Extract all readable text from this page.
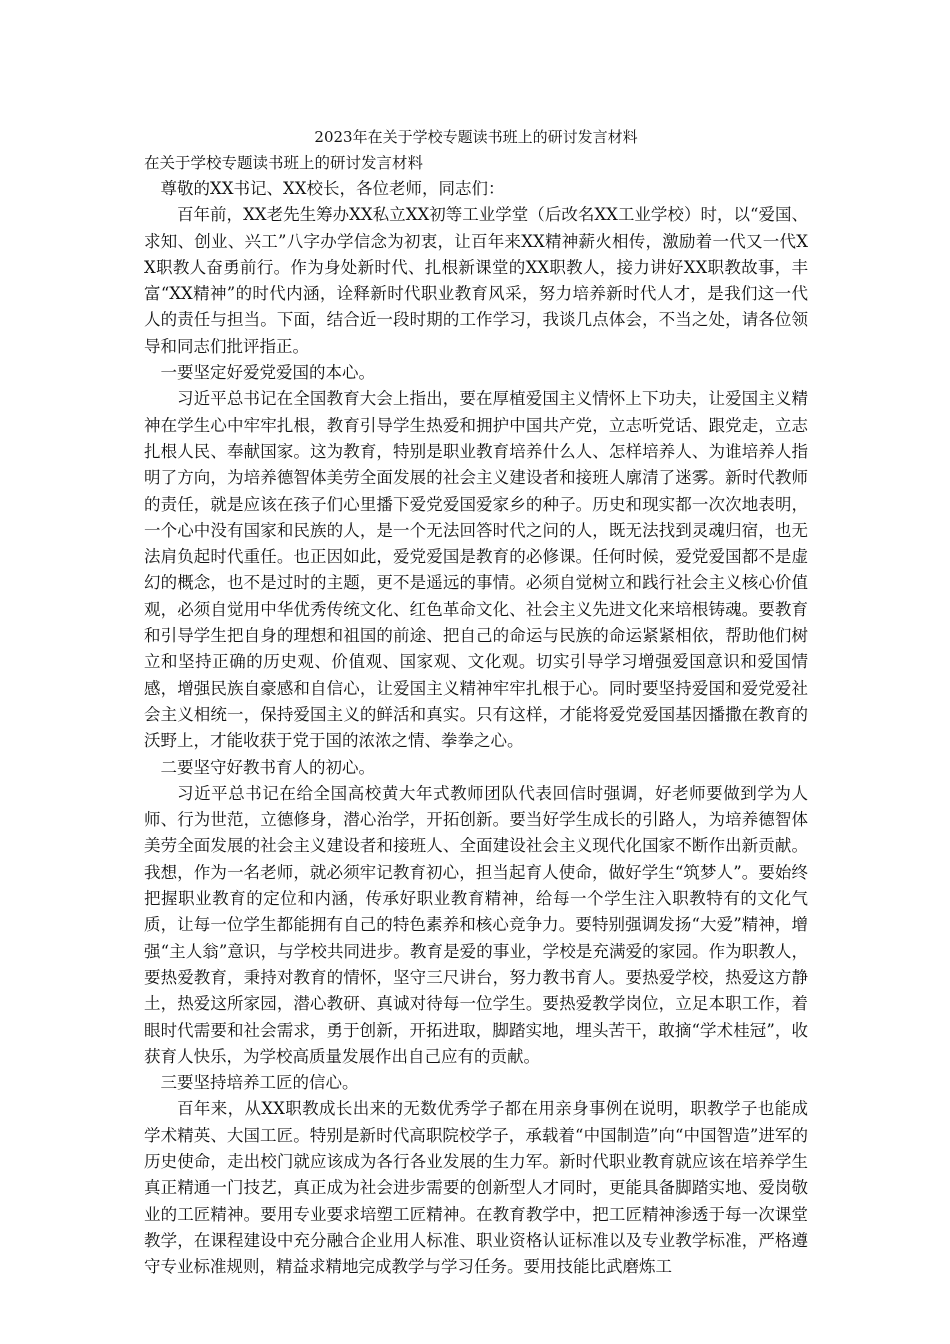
2023年在关于学校专题读书班上的研讨发言材料

在关于学校专题读书班上的研讨发言材料

尊敬的XX书记、XX校长，各位老师，同志们：

百年前，XX老先生筹办XX私立XX初等工业学堂（后改名XX工业学校）时，以“爱国、求知、创业、兴工”八字办学信念为初衷，让百年来XX精神薪火相传，激励着一代又一代XX职教人奋勇前行。作为身处新时代、扎根新课堂的XX职教人，接力讲好XX职教故事，丰富“XX精神”的时代内涵，诠释新时代职业教育风采，努力培养新时代人才，是我们这一代人的责任与担当。下面，结合近一段时期的工作学习，我谈几点体会，不当之处，请各位领导和同志们批评指正。

一要坚定好爱党爱国的本心。

习近平总书记在全国教育大会上指出，要在厚植爱国主义情怀上下功夫，让爱国主义精神在学生心中牢牢扎根，教育引导学生热爱和拥护中国共产党，立志听党话、跟党走，立志扎根人民、奉献国家。这为教育，特别是职业教育培养什么人、怎样培养人、为谁培养人指明了方向，为培养德智体美劳全面发展的社会主义建设者和接班人廓清了迷雾。新时代教师的责任，就是应该在孩子们心里播下爱党爱国爱家乡的种子。历史和现实都一次次地表明，一个心中没有国家和民族的人，是一个无法回答时代之问的人，既无法找到灵魂归宿，也无法肩负起时代重任。也正因如此，爱党爱国是教育的必修课。任何时候，爱党爱国都不是虚幻的概念，也不是过时的主题，更不是遥远的事情。必须自觉树立和践行社会主义核心价值观，必须自觉用中华优秀传统文化、红色革命文化、社会主义先进文化来培根铸魂。要教育和引导学生把自身的理想和祖国的前途、把自己的命运与民族的命运紧紧相依，帮助他们树立和坚持正确的历史观、价值观、国家观、文化观。切实引导学习增强爱国意识和爱国情感，增强民族自豪感和自信心，让爱国主义精神牢牢扎根于心。同时要坚持爱国和爱党爱社会主义相统一，保持爱国主义的鲜活和真实。只有这样，才能将爱党爱国基因播撒在教育的沃野上，才能收获于党于国的浓浓之情、拳拳之心。

二要坚守好教书育人的初心。

习近平总书记在给全国高校黄大年式教师团队代表回信时强调，好老师要做到学为人师、行为世范，立德修身，潜心治学，开拓创新。要当好学生成长的引路人，为培养德智体美劳全面发展的社会主义建设者和接班人、全面建设社会主义现代化国家不断作出新贡献。我想，作为一名老师，就必须牢记教育初心，担当起育人使命，做好学生“筑梦人”。要始终把握职业教育的定位和内涵，传承好职业教育精神，给每一个学生注入职教特有的文化气质，让每一位学生都能拥有自己的特色素养和核心竞争力。要特别强调发扬“大爱”精神，增强“主人翁”意识，与学校共同进步。教育是爱的事业，学校是充满爱的家园。作为职教人，要热爱教育，秉持对教育的情怀，坚守三尺讲台，努力教书育人。要热爱学校，热爱这方静土，热爱这所家园，潜心教研、真诚对待每一位学生。要热爱教学岗位，立足本职工作，着眼时代需要和社会需求，勇于创新，开拓进取，脚踏实地，埋头苦干，敢摘“学术桂冠”，收获育人快乐，为学校高质量发展作出自己应有的贡献。

三要坚持培养工匠的信心。

百年来，从XX职教成长出来的无数优秀学子都在用亲身事例在说明，职教学子也能成学术精英、大国工匠。特别是新时代高职院校学子，承载着“中国制造”向“中国智造”进军的历史使命，走出校门就应该成为各行各业发展的生力军。新时代职业教育就应该在培养学生真正精通一门技艺，真正成为社会进步需要的创新型人才同时，更能具备脚踏实地、爱岗敬业的工匠精神。要用专业要求培塑工匠精神。在教育教学中，把工匠精神渗透于每一次课堂教学，在课程建设中充分融合企业用人标准、职业资格认证标准以及专业教学标准，严格遵守专业标准规则，精益求精地完成教学与学习任务。要用技能比武磨炼工
